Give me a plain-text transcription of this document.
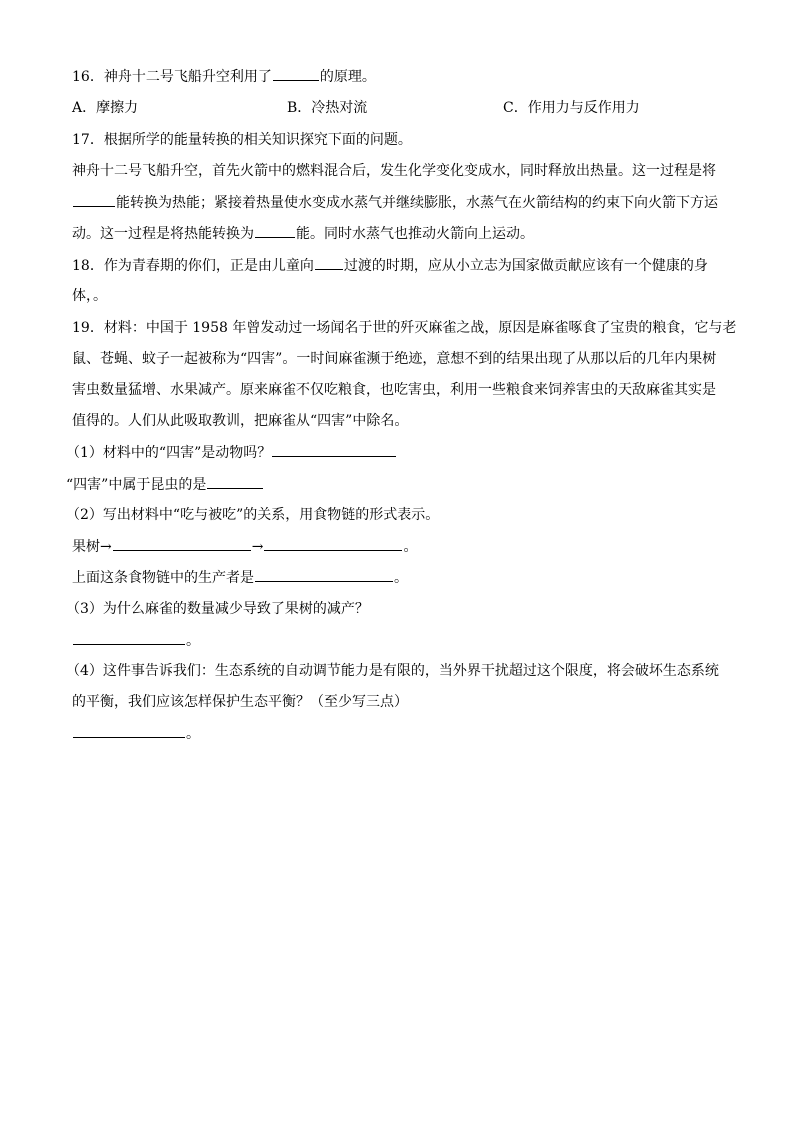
16．神舟十二号飞船升空利用了	的原理。
A．摩擦力	B．冷热对流	C．作用力与反作用力
17．根据所学的能量转换的相关知识探究下面的问题。
神舟十二号飞船升空，首先火箭中的燃料混合后，发生化学变化变成水，同时释放出热量。这一过程是将
能转换为热能；紧接着热量使水变成水蒸气并继续膨胀，水蒸气在火箭结构的约束下向火箭下方运
动。这一过程是将热能转换为	能。同时水蒸气也推动火箭向上运动。
18．作为青春期的你们，正是由儿童向 过渡的时期，应从小立志为国家做贡献应该有一个健康的身
体，。
19．材料：中国于 1958 年曾发动过一场闻名于世的歼灭麻雀之战，原因是麻雀啄食了宝贵的粮食，它与老
鼠、苍蝇、蚊子一起被称为“四害”。一时间麻雀濒于绝迹，意想不到的结果出现了从那以后的几年内果树
害虫数量猛增、水果减产。原来麻雀不仅吃粮食，也吃害虫，利用一些粮食来饲养害虫的天敌麻雀其实是
值得的。人们从此吸取教训，把麻雀从“四害”中除名。
（1）材料中的“四害”是动物吗？
“四害”中属于昆虫的是
（2）写出材料中“吃与被吃”的关系，用食物链的形式表示。
果树→	→	。
上面这条食物链中的生产者是	。
（3）为什么麻雀的数量减少导致了果树的减产？
。
（4）这件事告诉我们：生态系统的自动调节能力是有限的，当外界干扰超过这个限度，将会破坏生态系统
的平衡，我们应该怎样保护生态平衡？（至少写三点）
。
